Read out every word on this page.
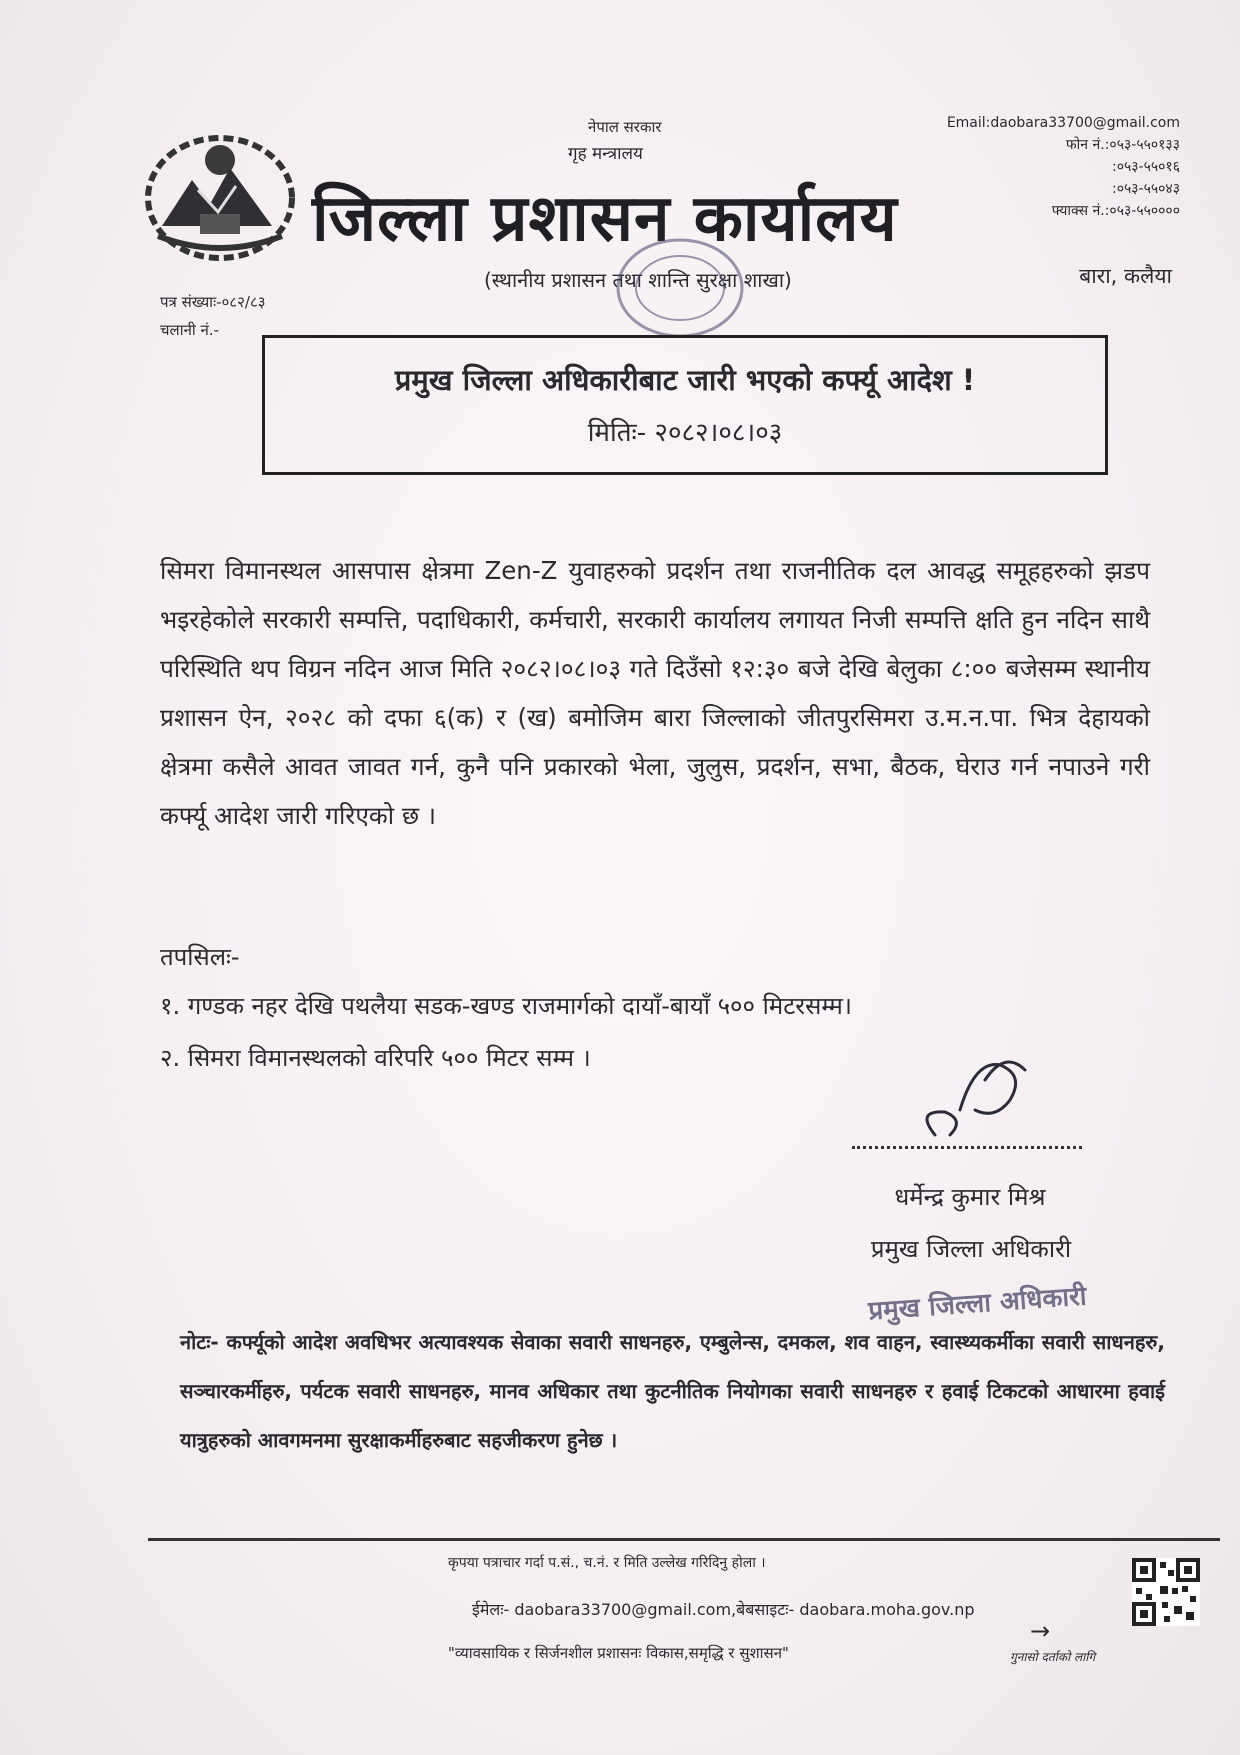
नेपाल सरकार
गृह मन्त्रालय
जिल्ला प्रशासन कार्यालय
(स्थानीय प्रशासन तथा शान्ति सुरक्षा शाखा)
Email:daobara33700@gmail.com
फोन नं.:०५३-५५०१३३
:०५३-५५०१६
:०५३-५५०४३
फ्याक्स नं.:०५३-५५००००
बारा, कलैया
पत्र संख्याः-०८२/८३
चलानी नं.-
प्रमुख जिल्ला अधिकारीबाट जारी भएको कर्फ्यू आदेश !
मितिः- २०८२।०८।०३
सिमरा विमानस्थल आसपास क्षेत्रमा Zen-Z युवाहरुको प्रदर्शन तथा राजनीतिक दल आवद्ध समूहहरुको झडप भइरहेकोले सरकारी सम्पत्ति, पदाधिकारी, कर्मचारी, सरकारी कार्यालय लगायत निजी सम्पत्ति क्षति हुन नदिन साथै परिस्थिति थप विग्रन नदिन आज मिति २०८२।०८।०३ गते दिउँसो १२:३० बजे देखि बेलुका ८:०० बजेसम्म स्थानीय प्रशासन ऐन, २०२८ को दफा ६(क) र (ख) बमोजिम बारा जिल्लाको जीतपुरसिमरा उ.म.न.पा. भित्र देहायको क्षेत्रमा कसैले आवत जावत गर्न, कुनै पनि प्रकारको भेला, जुलुस, प्रदर्शन, सभा, बैठक, घेराउ गर्न नपाउने गरी कर्फ्यू आदेश जारी गरिएको छ ।
तपसिलः-
१. गण्डक नहर देखि पथलैया सडक-खण्ड राजमार्गको दायाँ-बायाँ ५०० मिटरसम्म।
२. सिमरा विमानस्थलको वरिपरि ५०० मिटर सम्म ।
धर्मेन्द्र कुमार मिश्र
प्रमुख जिल्ला अधिकारी
प्रमुख जिल्ला अधिकारी
नोटः- कर्फ्यूको आदेश अवधिभर अत्यावश्यक सेवाका सवारी साधनहरु, एम्बुलेन्स, दमकल, शव वाहन, स्वास्थ्यकर्मीका सवारी साधनहरु, सञ्चारकर्मीहरु, पर्यटक सवारी साधनहरु, मानव अधिकार तथा कुटनीतिक नियोगका सवारी साधनहरु र हवाई टिकटको आधारमा हवाई यात्रुहरुको आवगमनमा सुरक्षाकर्मीहरुबाट सहजीकरण हुनेछ ।
कृपया पत्राचार गर्दा प.सं., च.नं. र मिति उल्लेख गरिदिनु होला ।
ईमेलः- daobara33700@gmail.com,बेबसाइटः- daobara.moha.gov.np
"व्यावसायिक र सिर्जनशील प्रशासनः विकास,समृद्धि र सुशासन"
→
गुनासो दर्ताको लागि
